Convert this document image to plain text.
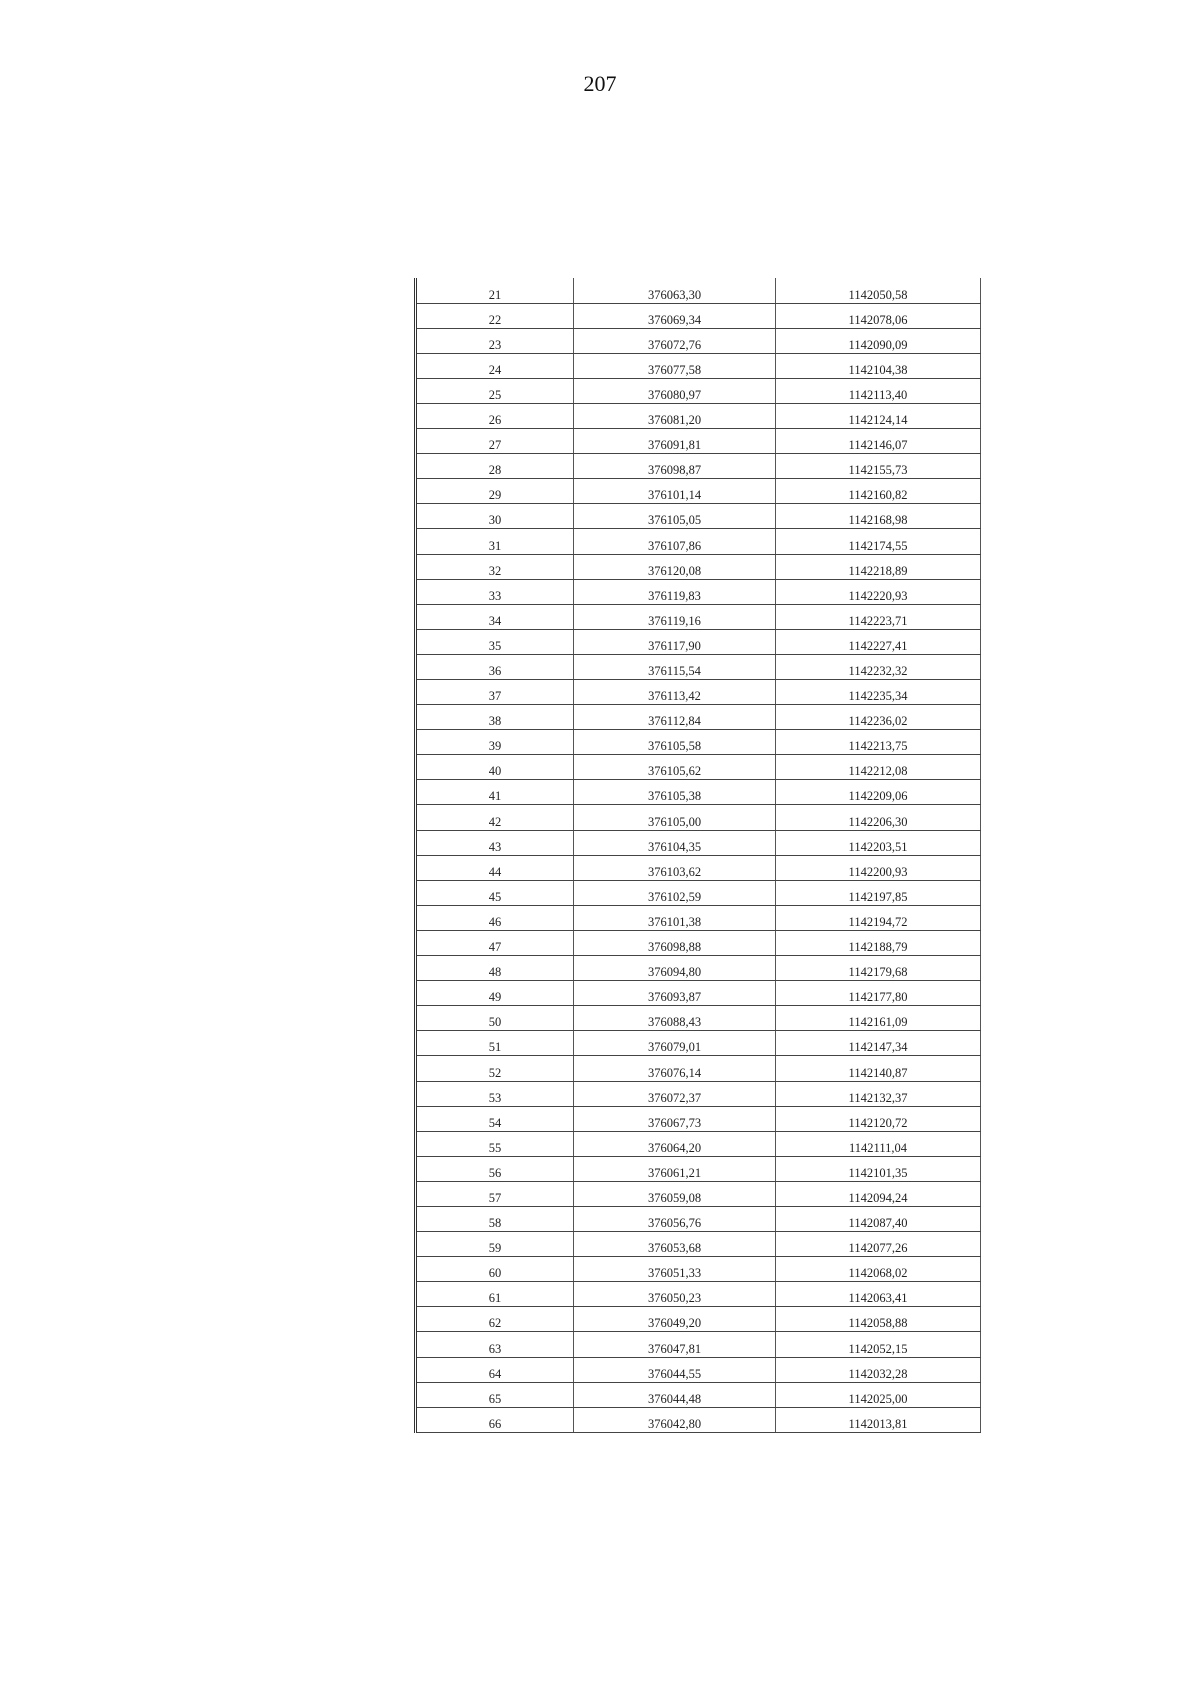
207
21	376063,30	1142050,58
22	376069,34	1142078,06
23	376072,76	1142090,09
24	376077,58	1142104,38
25	376080,97	1142113,40
26	376081,20	1142124,14
27	376091,81	1142146,07
28	376098,87	1142155,73
29	376101,14	1142160,82
30	376105,05	1142168,98
31	376107,86	1142174,55
32	376120,08	1142218,89
33	376119,83	1142220,93
34	376119,16	1142223,71
35	376117,90	1142227,41
36	376115,54	1142232,32
37	376113,42	1142235,34
38	376112,84	1142236,02
39	376105,58	1142213,75
40	376105,62	1142212,08
41	376105,38	1142209,06
42	376105,00	1142206,30
43	376104,35	1142203,51
44	376103,62	1142200,93
45	376102,59	1142197,85
46	376101,38	1142194,72
47	376098,88	1142188,79
48	376094,80	1142179,68
49	376093,87	1142177,80
50	376088,43	1142161,09
51	376079,01	1142147,34
52	376076,14	1142140,87
53	376072,37	1142132,37
54	376067,73	1142120,72
55	376064,20	1142111,04
56	376061,21	1142101,35
57	376059,08	1142094,24
58	376056,76	1142087,40
59	376053,68	1142077,26
60	376051,33	1142068,02
61	376050,23	1142063,41
62	376049,20	1142058,88
63	376047,81	1142052,15
64	376044,55	1142032,28
65	376044,48	1142025,00
66	376042,80	1142013,81
